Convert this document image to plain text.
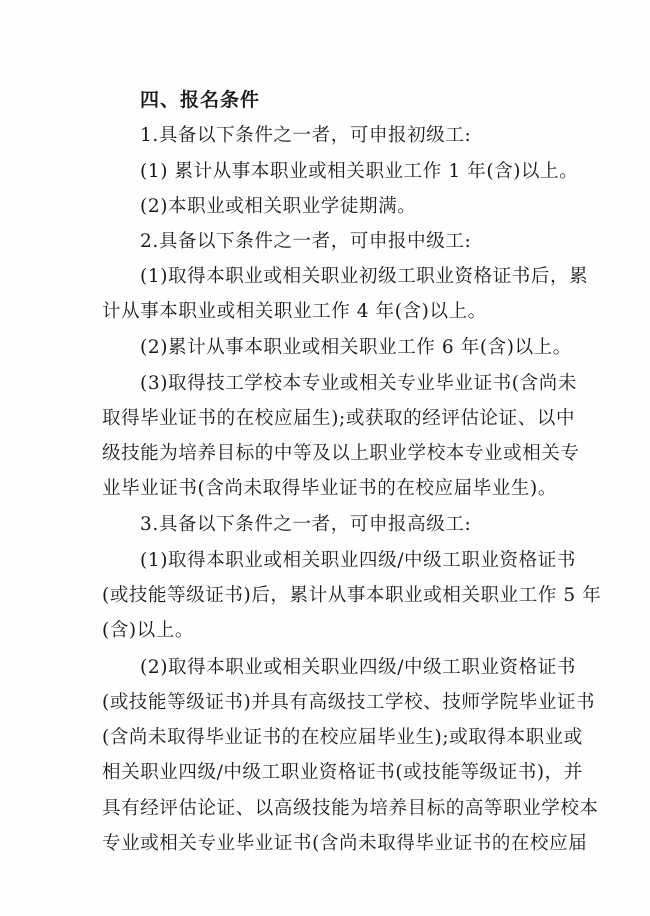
四、报名条件
1.具备以下条件之一者，可申报初级工:
(1) 累计从事本职业或相关职业工作 1 年(含)以上。
(2)本职业或相关职业学徒期满。
2.具备以下条件之一者，可申报中级工:
(1)取得本职业或相关职业初级工职业资格证书后，累
计从事本职业或相关职业工作 4 年(含)以上。
(2)累计从事本职业或相关职业工作 6 年(含)以上。
(3)取得技工学校本专业或相关专业毕业证书(含尚未
取得毕业证书的在校应届生);或获取的经评估论证、以中
级技能为培养目标的中等及以上职业学校本专业或相关专
业毕业证书(含尚未取得毕业证书的在校应届毕业生)。
3.具备以下条件之一者，可申报高级工:
(1)取得本职业或相关职业四级/中级工职业资格证书
(或技能等级证书)后，累计从事本职业或相关职业工作 5 年
(含)以上。
(2)取得本职业或相关职业四级/中级工职业资格证书
(或技能等级证书)并具有高级技工学校、技师学院毕业证书
(含尚未取得毕业证书的在校应届毕业生);或取得本职业或
相关职业四级/中级工职业资格证书(或技能等级证书)，并
具有经评估论证、以高级技能为培养目标的高等职业学校本
专业或相关专业毕业证书(含尚未取得毕业证书的在校应届
